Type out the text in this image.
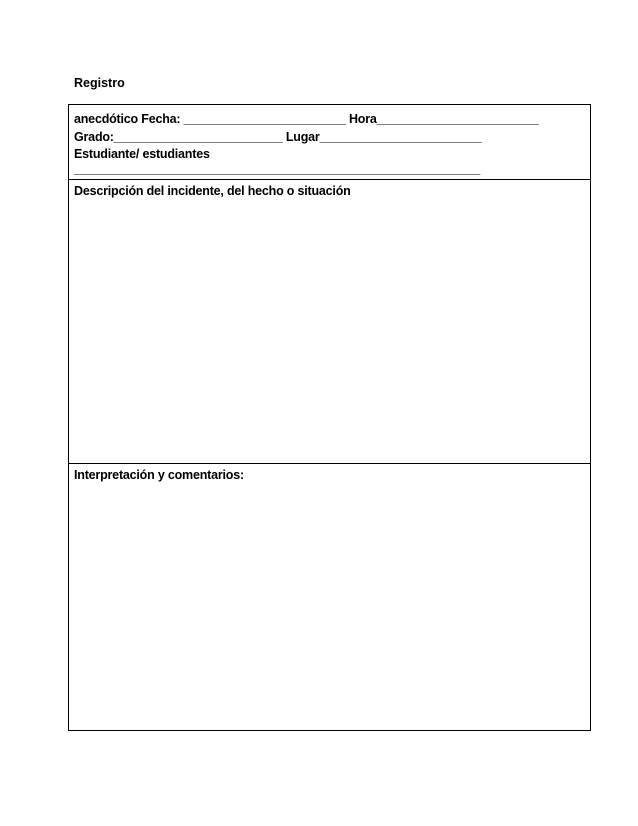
Registro
anecdótico Fecha: ________________________ Hora________________________
Grado:_________________________ Lugar________________________
Estudiante/ estudiantes
___________________________________________________________________
Descripción del incidente, del hecho o situación
Interpretación y comentarios:
